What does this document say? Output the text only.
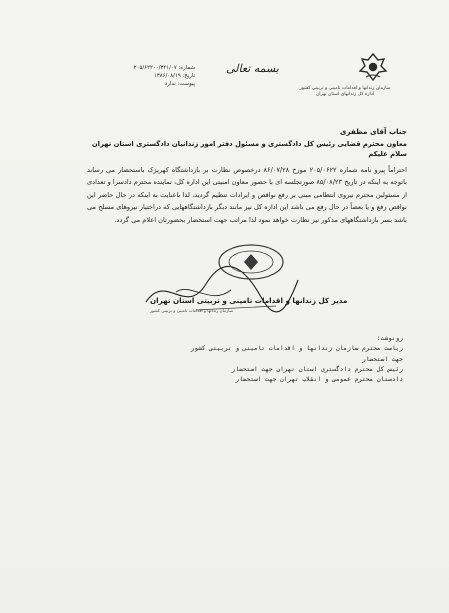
سازمان زندانها و اقدامات تامینی و تربیتی کشور
اداره کل زندانهای استان تهران
شماره: ۲۰۵/۶۲۲۰۰/۳۴۱/۰۷
تاریخ: ۱۳۸۶/۰۸/۱۹
پیوست: ندارد
بسمه تعالی
جناب آقای مظفری
معاون محترم قضایی رئیس کل دادگستری و مسئول دفتر امور زندانیان دادگستری استان تهران
سلام علیکم
احتراماً پیرو نامه شماره ۲۰۵/۰۶۲۲ مورخ ۸۶/۰۷/۲۸ درخصوص نظارت بر بازداشتگاه کهریزک باستحضار می رساند باتوجه به اینکه در تاریخ ۸۵/۰۸/۲۳ صورتجلسه ای با حضور معاون امنیتی این اداره کل، نماینده محترم دادسرا و تعدادی از مسئولین محترم نیروی انتظامی مبنی بر رفع نواقص و ایرادات تنظیم گردید، لذا باعنایت به اینکه در حال حاضر این نواقص رفع و یا بعضاً در حال رفع می باشد این اداره کل نیز مانند دیگر بازداشتگاههایی که دراختیار نیروهای مسلح می باشد بسر بازداشتگاههای مذکور نیز نظارت خواهد نمود لذا مراتب جهت استحضار بحضورتان اعلام می گردد.
مدیر کل زندانها و اقدامات تامینی و تربیتی استان تهران
سازمان زندانها و اقدامات تامینی و تربیتی کشور
رونوشت:
ریاست محترم سازمان زندانها و اقدامات تامینی و تربیتی کشور
جهت استحضار
رئیس کل محترم دادگستری استان تهران جهت استحضار
دادستان محترم عمومی و انقلاب تهران جهت استحضار
